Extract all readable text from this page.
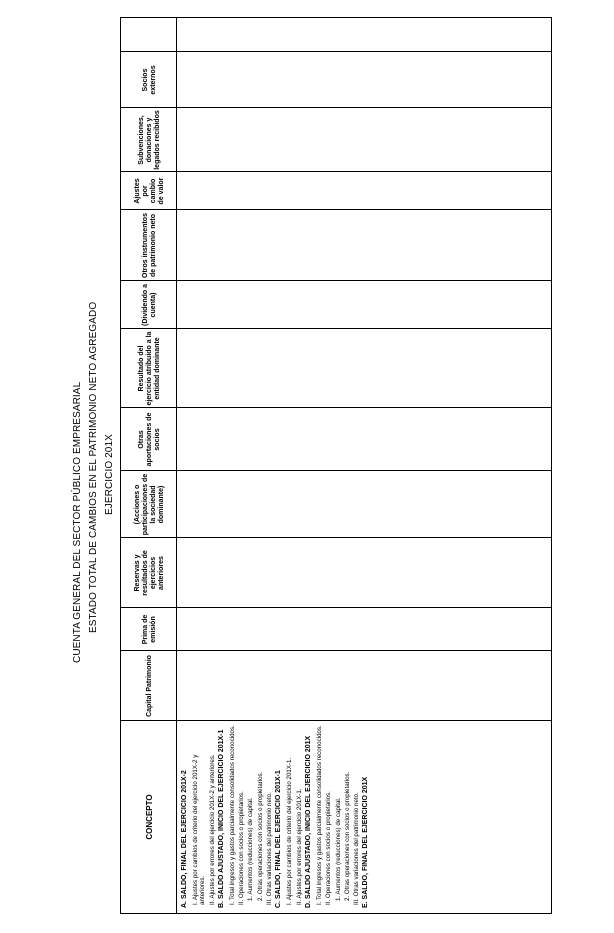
CUENTA GENERAL DEL SECTOR PÚBLICO EMPRESARIAL ESTADO TOTAL DE CAMBIOS EN EL PATRIMONIO NETO AGREGADO EJERCICIO 201X
CONCEPTO
Capital Patrimonio
Prima de emisión
Reservas y resultados de ejercicios anteriores
(Acciones o participaciones de la sociedad dominante)
Otras aportaciones de socios
Resultado del ejercicio atribuido a la entidad dominante
(Dividendo a cuenta)
Otros instrumentos de patrimonio neto
Ajustes por cambio de valor
Subvenciones, donaciones y legados recibidos
Socios externos
A. SALDO, FINAL DEL EJERCICIO 201X-2 I. Ajustes por cambios de criterio del ejercicio 201X-2 y anteriores. II. Ajustes por errores del ejercicio 201X-2 y anteriores. B. SALDO AJUSTADO, INICIO DEL EJERCICIO 201X-1 I. Total ingresos y gastos parcialmente consolidados reconocidos. II. Operaciones con socios o propietarios. 1. Aumentos (reducciones) de capital. 2. Otras operaciones con socios o propietarios. III. Otras variaciones del patrimonio neto. C. SALDO, FINAL DEL EJERCICIO 201X-1 I. Ajustes por cambios de criterio del ejercicio 201X-1. II. Ajustes por errores del ejercicio 201X-1. D. SALDO AJUSTADO, INICIO DEL EJERCICIO 201X I. Total ingresos y gastos parcialmente consolidados reconocidos. II. Operaciones con socios o propietarios. 1. Aumentos (reducciones) de capital. 2. Otras operaciones con socios o propietarios. III. Otras variaciones del patrimonio neto. E. SALDO, FINAL DEL EJERCICIO 201X
